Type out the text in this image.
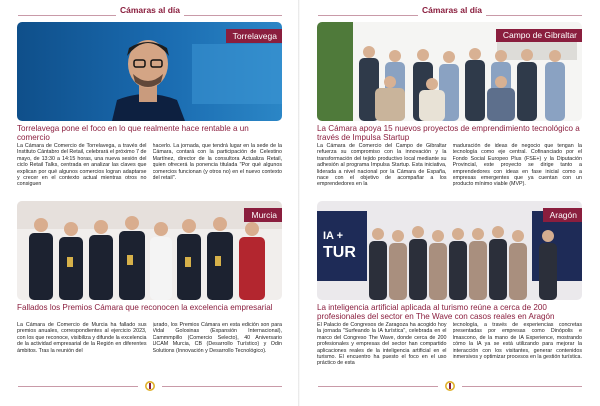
Cámaras al día
Torrelavega
Torrelavega pone el foco en lo que realmente hace rentable a un comercio
La Cámara de Comercio de Torrelavega, a través del Instituto Cántabro del Retail, celebrará el próximo 7 de mayo, de 13:30 a 14:15 horas, una nueva sesión del ciclo Retail Talks, centrada en analizar las claves que explican por qué algunos comercios logran adaptarse y crecer en el contexto actual mientras otros no consiguen
hacerlo. La jornada, que tendrá lugar en la sede de la Cámara, contará con la participación de Celestino Martínez, director de la consultora Actualiza Retail, quien ofrecerá la ponencia titulada "Por qué algunos comercios funcionan (y otros no) en el nuevo contexto del retail".
Murcia
Fallados los Premios Cámara que reconocen la excelencia empresarial
La Cámara de Comercio de Murcia ha fallado sus premios anuales, correspondientes al ejercicio 2023, con los que reconoce, visibiliza y difunde la excelencia de la actividad empresarial de la Región en diferentes ámbitos. Tras la reunión del
jurado, los Premios Cámara en esta edición son para Vidal Golosinas (Expansión Internacional), Cammmpillo (Comercio Selecto), 40 Aniversario UCAM Murcia, CB (Desarrollo Turístico) y Odin Solutions (Innovación y Desarrollo Tecnológico).
Cámaras al día
Campo de Gibraltar
La Cámara apoya 15 nuevos proyectos de emprendimiento tecnológico a través de Impulsa Startup
La Cámara de Comercio del Campo de Gibraltar refuerza su compromiso con la innovación y la transformación del tejido productivo local mediante su adhesión al programa Impulsa Startup. Esta iniciativa, liderada a nivel nacional por la Cámara de España, nace con el objetivo de acompañar a los emprendedores en la
maduración de ideas de negocio que tengan la tecnología como eje central. Cofinanciado por el Fondo Social Europeo Plus (FSE+) y la Diputación Provincial, este proyecto se dirige tanto a emprendedores con ideas en fase inicial como a empresas emergentes que ya cuentan con un producto mínimo viable (MVP).
IA +
TUR
Aragón
La inteligencia artificial aplicada al turismo reúne a cerca de 200 profesionales del sector en The Wave con casos reales en Aragón
El Palacio de Congresos de Zaragoza ha acogido hoy la jornada "Surfeando la IA turística", celebrada en el marco del Congreso The Wave, donde cerca de 200 profesionales y empresas del sector han compartido aplicaciones reales de la inteligencia artificial en el turismo. El encuentro ha puesto el foco en el uso práctico de esta
tecnología, a través de experiencias concretas presentadas por empresas como Dinópolis e Imascono, de la mano de IA Experience, mostrando cómo la IA ya se está utilizando para mejorar la interacción con los visitantes, generar contenidos inmersivos y optimizar procesos en la gestión turística.
